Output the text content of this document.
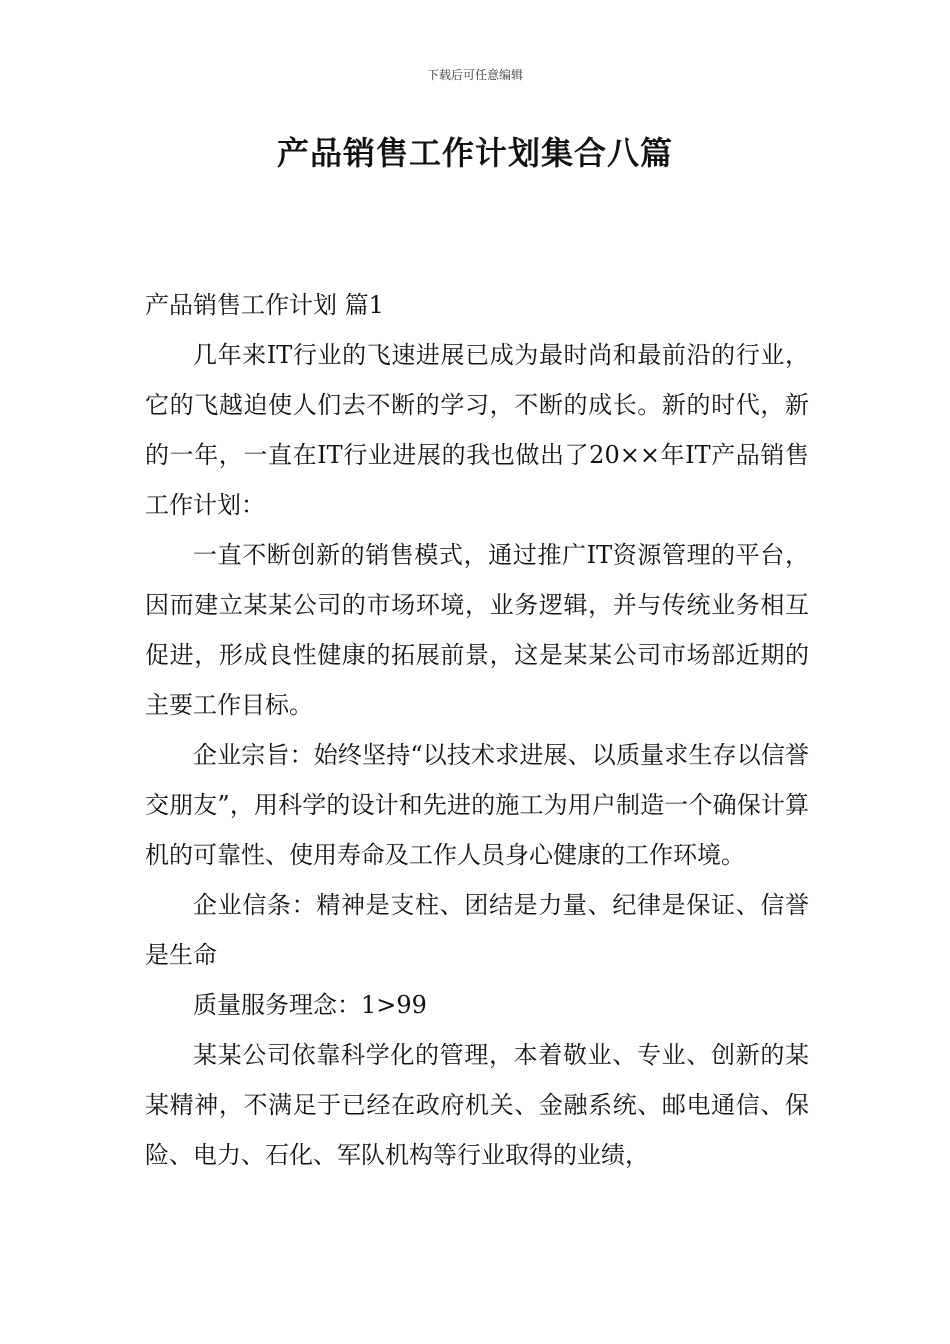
下载后可任意编辑
产品销售工作计划集合八篇

产品销售工作计划 篇1

几年来IT行业的飞速进展已成为最时尚和最前沿的行业，它的飞越迫使人们去不断的学习，不断的成长。新的时代，新的一年，一直在IT行业进展的我也做出了20××年IT产品销售工作计划：

一直不断创新的销售模式，通过推广IT资源管理的平台，因而建立某某公司的市场环境，业务逻辑，并与传统业务相互促进，形成良性健康的拓展前景，这是某某公司市场部近期的主要工作目标。

企业宗旨：始终坚持“以技术求进展、以质量求生存以信誉交朋友”，用科学的设计和先进的施工为用户制造一个确保计算机的可靠性、使用寿命及工作人员身心健康的工作环境。

企业信条：精神是支柱、团结是力量、纪律是保证、信誉是生命

质量服务理念：1>99

某某公司依靠科学化的管理，本着敬业、专业、创新的某某精神，不满足于已经在政府机关、金融系统、邮电通信、保险、电力、石化、军队机构等行业取得的业绩，
